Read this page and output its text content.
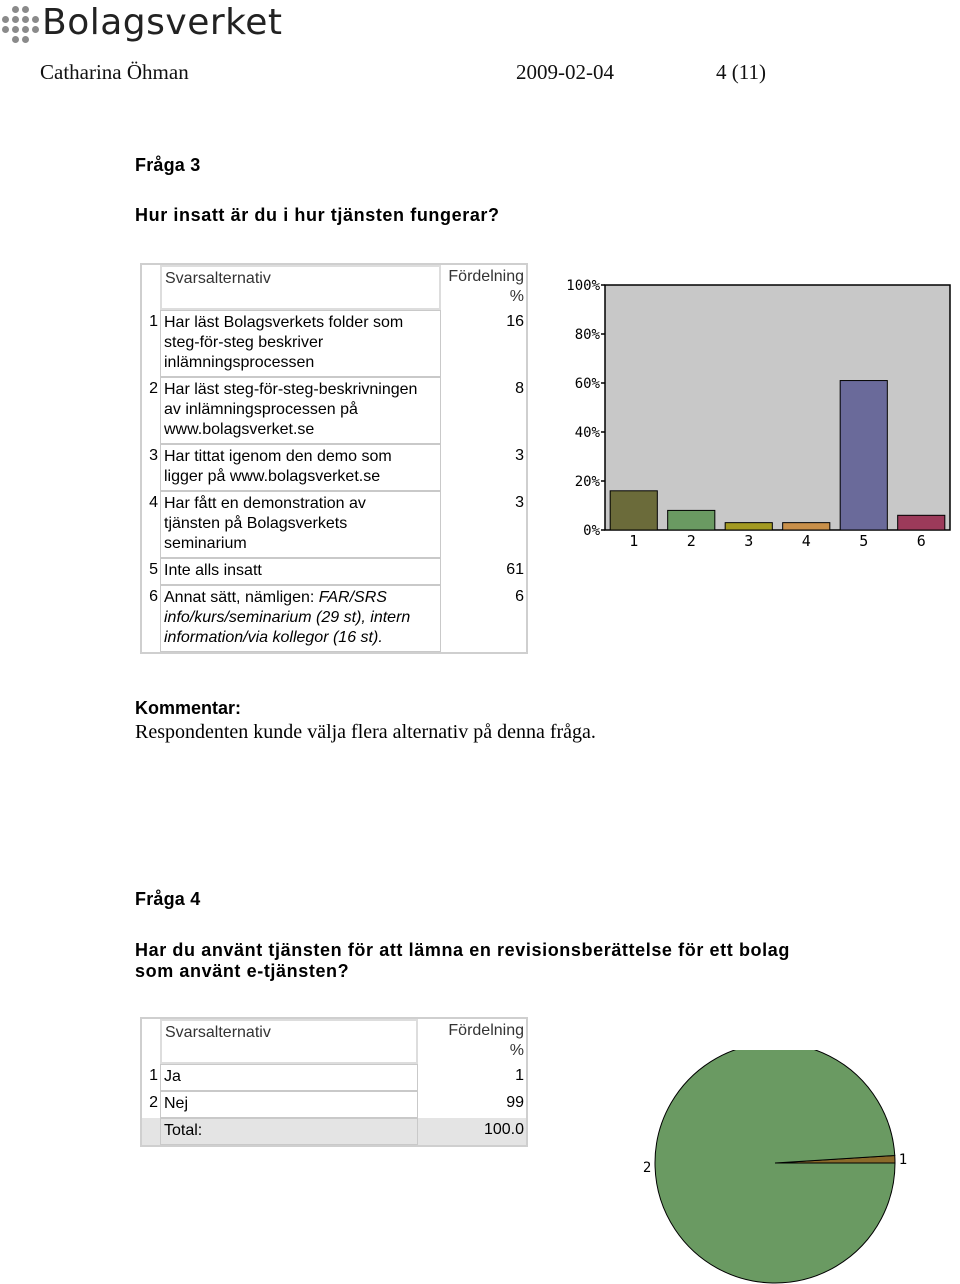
Bolagsverket
Catharina Öhman	2009-02-04	4 (11)
Fråga 3
Hur insatt är du i hur tjänsten fungerar?
	Svarsalternativ	Fördelning
%
1	Har läst Bolagsverkets folder som
steg-för-steg beskriver
inlämningsprocessen	16
2	Har läst steg-för-steg-beskrivningen
av inlämningsprocessen på
www.bolagsverket.se	8
3	Har tittat igenom den demo som
ligger på www.bolagsverket.se	3
4	Har fått en demonstration av
tjänsten på Bolagsverkets
seminarium	3
5	Inte alls insatt	61
6	Annat sätt, nämligen: FAR/SRS
info/kurs/seminarium (29 st), intern
information/via kollegor (16 st).	6
0%
20%
40%
60%
80%
100%
1	2	3	4	5	6
Kommentar:
Respondenten kunde välja flera alternativ på denna fråga.
Fråga 4
Har du använt tjänsten för att lämna en revisionsberättelse för ett bolag
som använt e-tjänsten?
	Svarsalternativ	Fördelning
%
1	Ja	1
2	Nej	99
	Total:	100.0
1
2
